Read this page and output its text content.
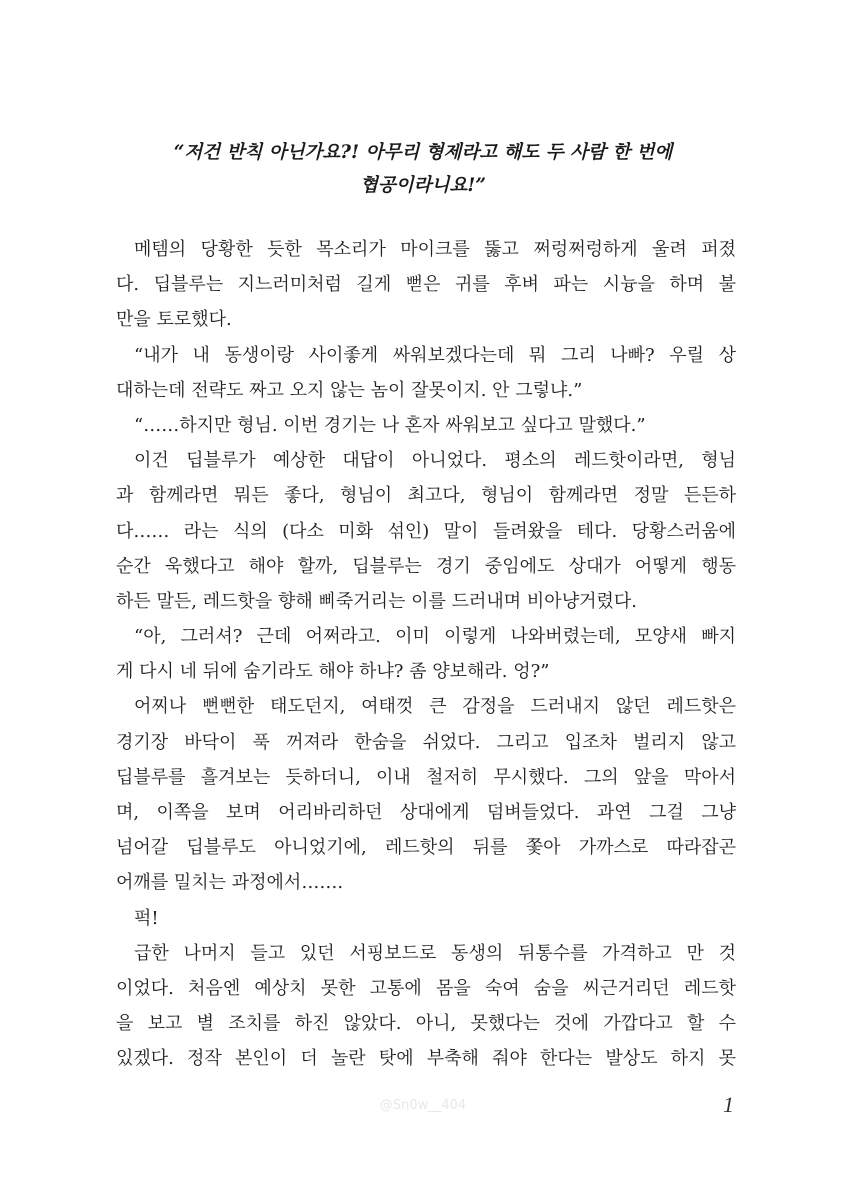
“저건 반칙 아닌가요?! 아무리 형제라고 해도 두 사람 한 번에
협공이라니요!”
메템의 당황한 듯한 목소리가 마이크를 뚫고 쩌렁쩌렁하게 울려 퍼졌
다. 딥블루는 지느러미처럼 길게 뻗은 귀를 후벼 파는 시늉을 하며 불
만을 토로했다.
“내가 내 동생이랑 사이좋게 싸워보겠다는데 뭐 그리 나빠? 우릴 상
대하는데 전략도 짜고 오지 않는 놈이 잘못이지. 안 그렇냐.”
“……하지만 형님. 이번 경기는 나 혼자 싸워보고 싶다고 말했다.”
이건 딥블루가 예상한 대답이 아니었다. 평소의 레드핫이라면, 형님
과 함께라면 뭐든 좋다, 형님이 최고다, 형님이 함께라면 정말 든든하
다…… 라는 식의 (다소 미화 섞인) 말이 들려왔을 테다. 당황스러움에
순간 욱했다고 해야 할까, 딥블루는 경기 중임에도 상대가 어떻게 행동
하든 말든, 레드핫을 향해 삐죽거리는 이를 드러내며 비아냥거렸다.
“아, 그러셔? 근데 어쩌라고. 이미 이렇게 나와버렸는데, 모양새 빠지
게 다시 네 뒤에 숨기라도 해야 하냐? 좀 양보해라. 엉?”
어찌나 뻔뻔한 태도던지, 여태껏 큰 감정을 드러내지 않던 레드핫은
경기장 바닥이 푹 꺼져라 한숨을 쉬었다. 그리고 입조차 벌리지 않고
딥블루를 흘겨보는 듯하더니, 이내 철저히 무시했다. 그의 앞을 막아서
며, 이쪽을 보며 어리바리하던 상대에게 덤벼들었다. 과연 그걸 그냥
넘어갈 딥블루도 아니었기에, 레드핫의 뒤를 쫓아 가까스로 따라잡곤
어깨를 밀치는 과정에서…….
퍽!
급한 나머지 들고 있던 서핑보드로 동생의 뒤통수를 가격하고 만 것
이었다. 처음엔 예상치 못한 고통에 몸을 숙여 숨을 씨근거리던 레드핫
을 보고 별 조치를 하진 않았다. 아니, 못했다는 것에 가깝다고 할 수
있겠다. 정작 본인이 더 놀란 탓에 부축해 줘야 한다는 발상도 하지 못
@Sn0w__404	1
